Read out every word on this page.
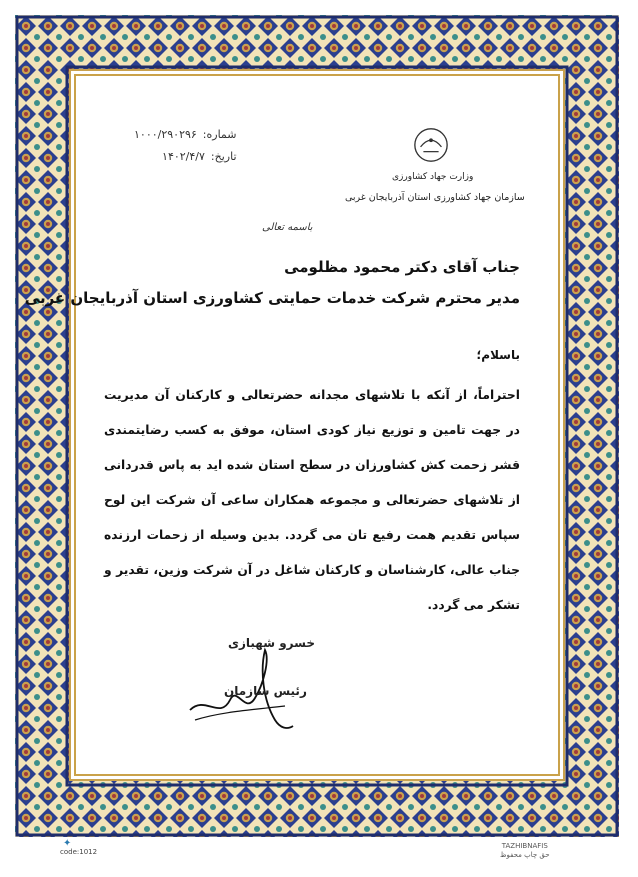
شماره:
۱۰۰۰/۲۹۰۲۹۶
تاریخ:
۱۴۰۲/۴/۷
وزارت جهاد کشاورزی
سازمان جهاد کشاورزی استان آذربایجان غربی
باسمه تعالی
جناب آقای دکتر محمود مظلومی
مدیر محترم شرکت خدمات حمایتی کشاورزی استان آذربایجان غربی
باسلام؛
احتراماً، از آنکه با تلاشهای مجدانه حضرتعالی و کارکنان آن مدیریت در جهت تامین و توزیع نیاز کودی استان، موفق به کسب رضایتمندی قشر زحمت کش کشاورزان در سطح استان شده اید به پاس قدردانی از تلاشهای حضرتعالی و مجموعه همکاران ساعی آن شرکت این لوح سپاس تقدیم همت رفیع تان می گردد. بدین وسیله از زحمات ارزنده جناب عالی، کارشناسان و کارکنان شاغل در آن شرکت وزین، تقدیر و تشکر می گردد.
خسرو شهبازی
رئیس سازمان
✦
code:1012
TAZHIBNAFIS
حق چاپ محفوظ
